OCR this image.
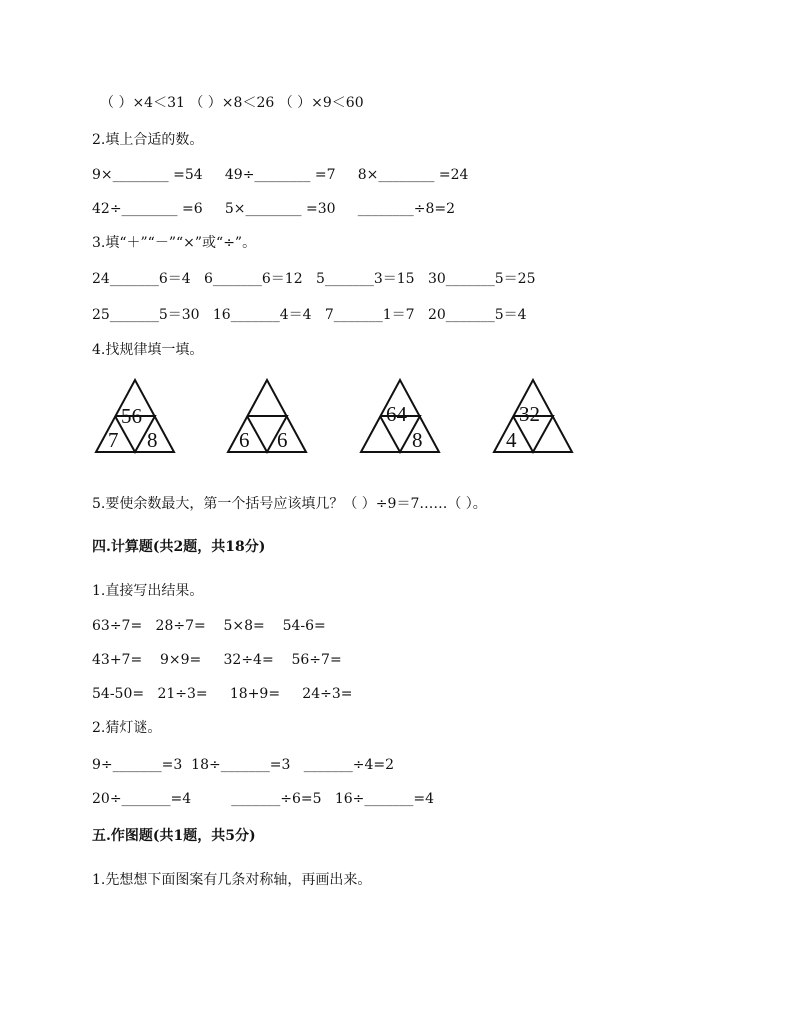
（ ）×4＜31 （ ）×8＜26 （ ）×9＜60
2.填上合适的数。
9×________ =54     49÷________ =7     8×________ =24
42÷________ =6     5×________ =30     ________÷8=2
3.填“＋”“－”“×”或“÷”。
24_______6＝4   6_______6＝12   5_______3＝15   30_______5＝25
25_______5＝30   16_______4＝4   7_______1＝7   20_______5＝4
4.找规律填一填。
56
7 8	6 6
64
8
32
4
5.要使余数最大，第一个括号应该填几？（ ）÷9＝7……（ ）。
四.计算题(共2题，共18分)
1.直接写出结果。
63÷7=   28÷7=    5×8=    54-6=
43+7=    9×9=     32÷4=    56÷7=
54-50=   21÷3=     18+9=     24÷3=
2.猜灯谜。
9÷_______=3  18÷_______=3   _______÷4=2
20÷_______=4         _______÷6=5   16÷_______=4
五.作图题(共1题，共5分)
1.先想想下面图案有几条对称轴，再画出来。
